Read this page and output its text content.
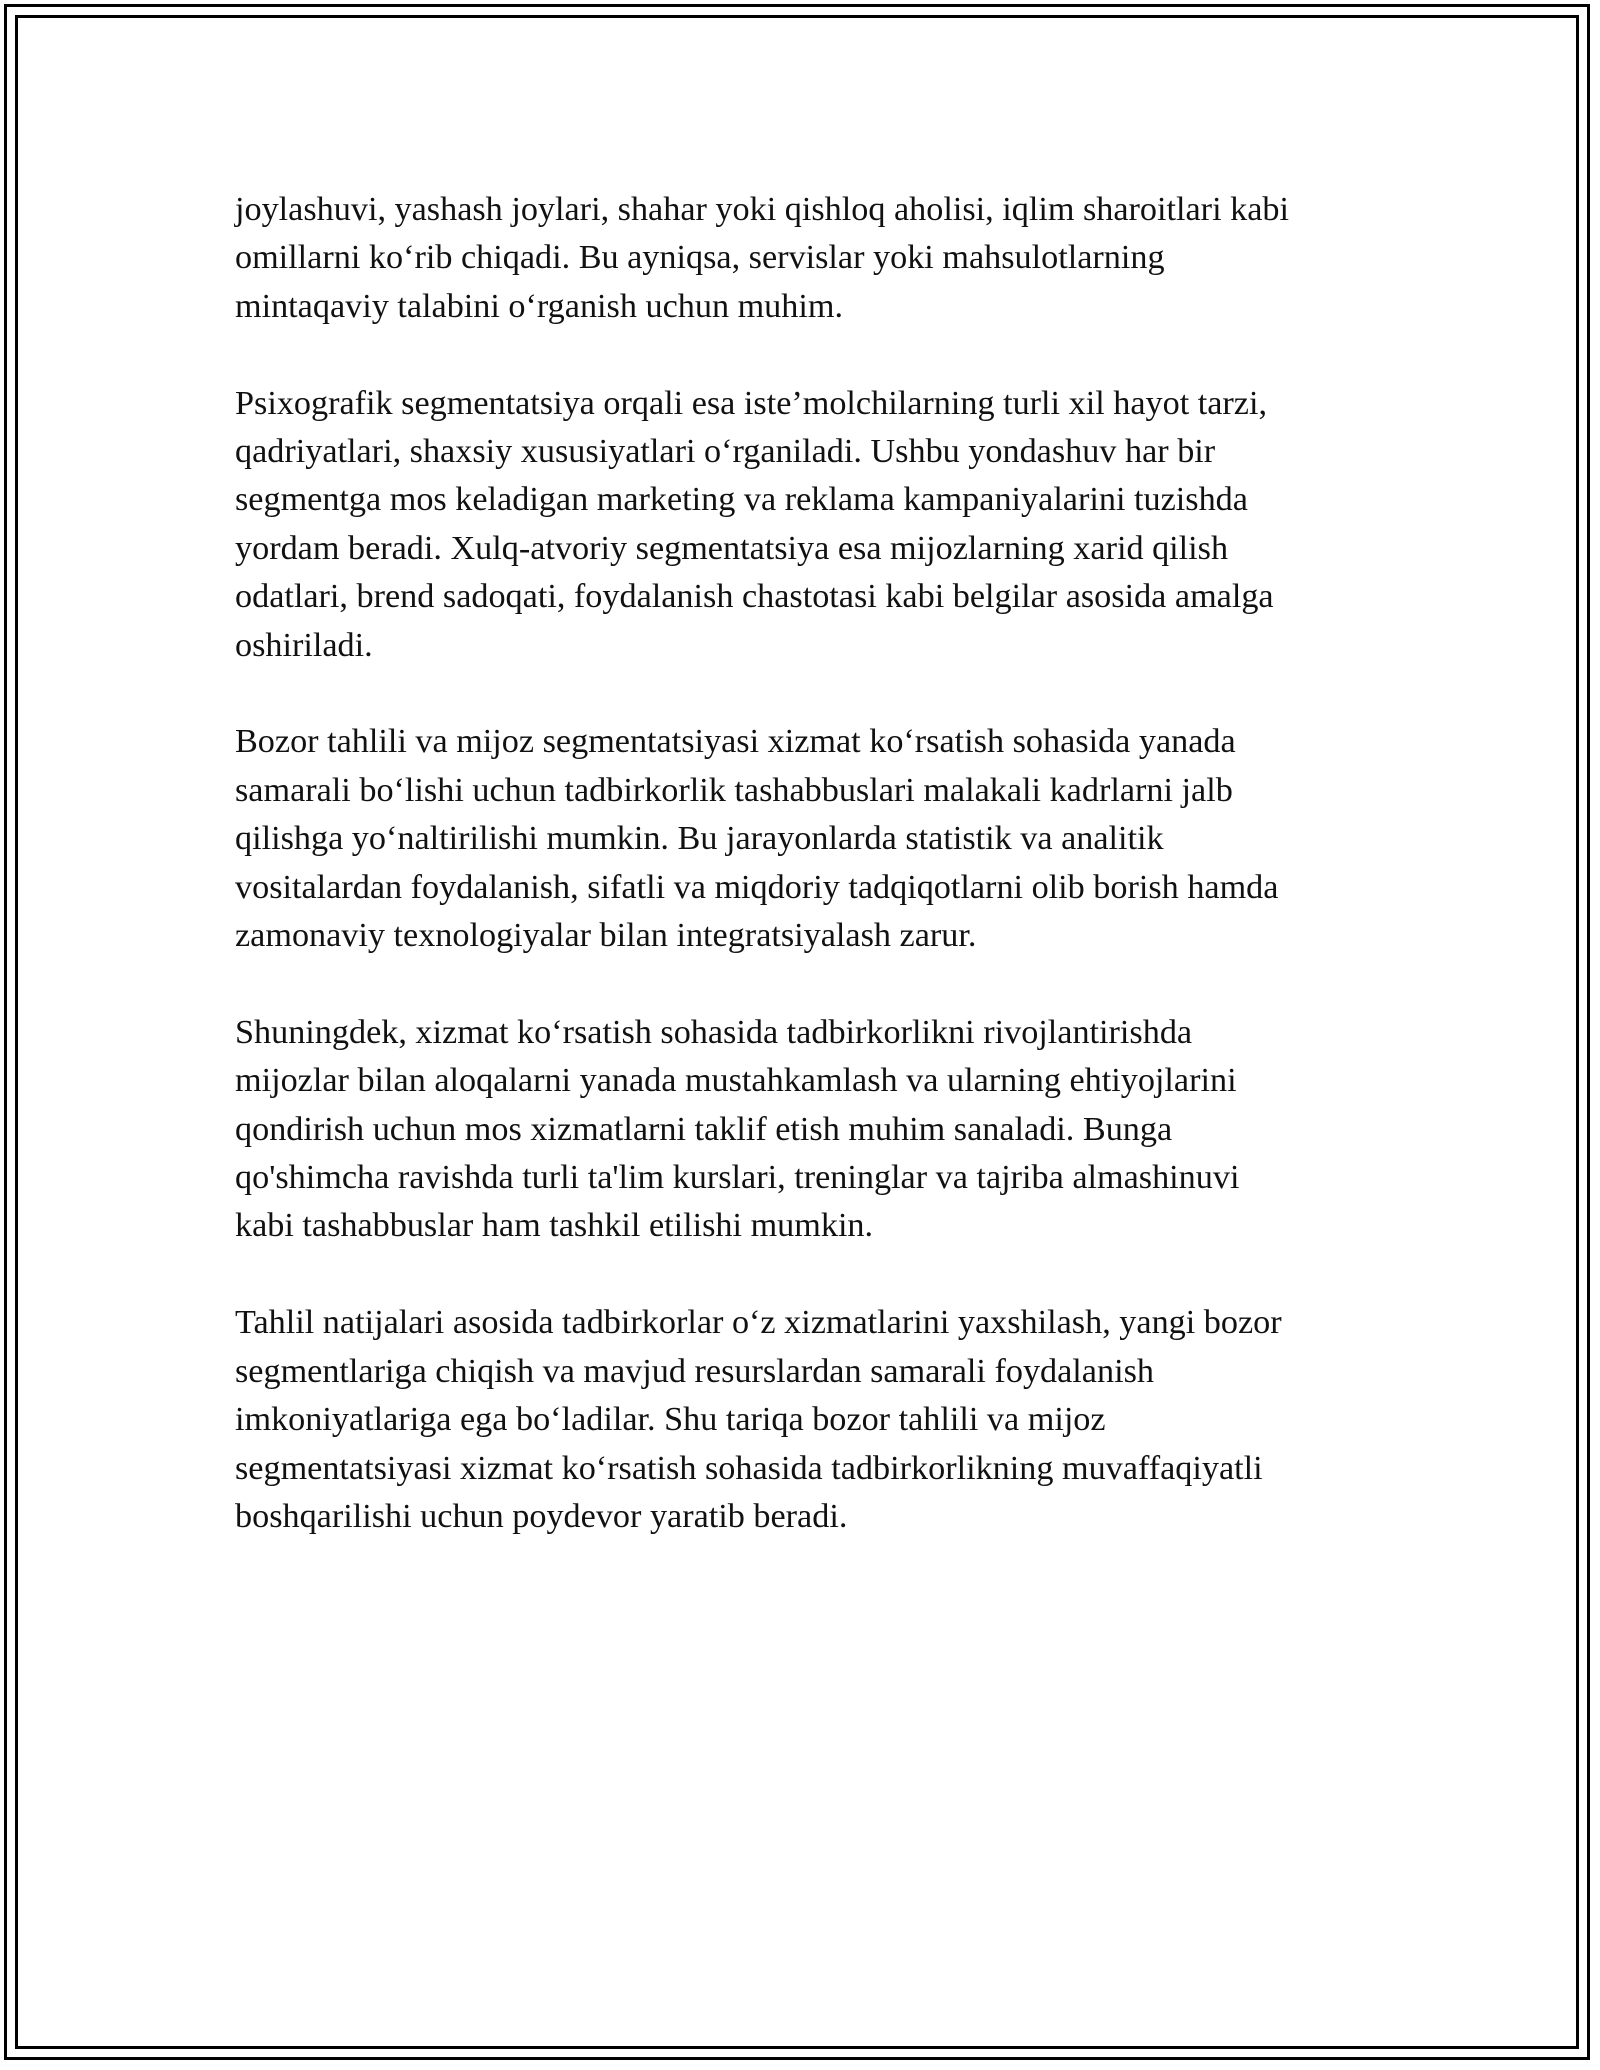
joylashuvi, yashash joylari, shahar yoki qishloq aholisi, iqlim sharoitlari kabi
omillarni ko‘rib chiqadi. Bu ayniqsa, servislar yoki mahsulotlarning
mintaqaviy talabini o‘rganish uchun muhim.

Psixografik segmentatsiya orqali esa iste’molchilarning turli xil hayot tarzi,
qadriyatlari, shaxsiy xususiyatlari o‘rganiladi. Ushbu yondashuv har bir
segmentga mos keladigan marketing va reklama kampaniyalarini tuzishda
yordam beradi. Xulq-atvoriy segmentatsiya esa mijozlarning xarid qilish
odatlari, brend sadoqati, foydalanish chastotasi kabi belgilar asosida amalga
oshiriladi.

Bozor tahlili va mijoz segmentatsiyasi xizmat ko‘rsatish sohasida yanada
samarali bo‘lishi uchun tadbirkorlik tashabbuslari malakali kadrlarni jalb
qilishga yo‘naltirilishi mumkin. Bu jarayonlarda statistik va analitik
vositalardan foydalanish, sifatli va miqdoriy tadqiqotlarni olib borish hamda
zamonaviy texnologiyalar bilan integratsiyalash zarur.

Shuningdek, xizmat ko‘rsatish sohasida tadbirkorlikni rivojlantirishda
mijozlar bilan aloqalarni yanada mustahkamlash va ularning ehtiyojlarini
qondirish uchun mos xizmatlarni taklif etish muhim sanaladi. Bunga
qo'shimcha ravishda turli ta'lim kurslari, treninglar va tajriba almashinuvi
kabi tashabbuslar ham tashkil etilishi mumkin.

Tahlil natijalari asosida tadbirkorlar o‘z xizmatlarini yaxshilash, yangi bozor
segmentlariga chiqish va mavjud resurslardan samarali foydalanish
imkoniyatlariga ega bo‘ladilar. Shu tariqa bozor tahlili va mijoz
segmentatsiyasi xizmat ko‘rsatish sohasida tadbirkorlikning muvaffaqiyatli
boshqarilishi uchun poydevor yaratib beradi.
